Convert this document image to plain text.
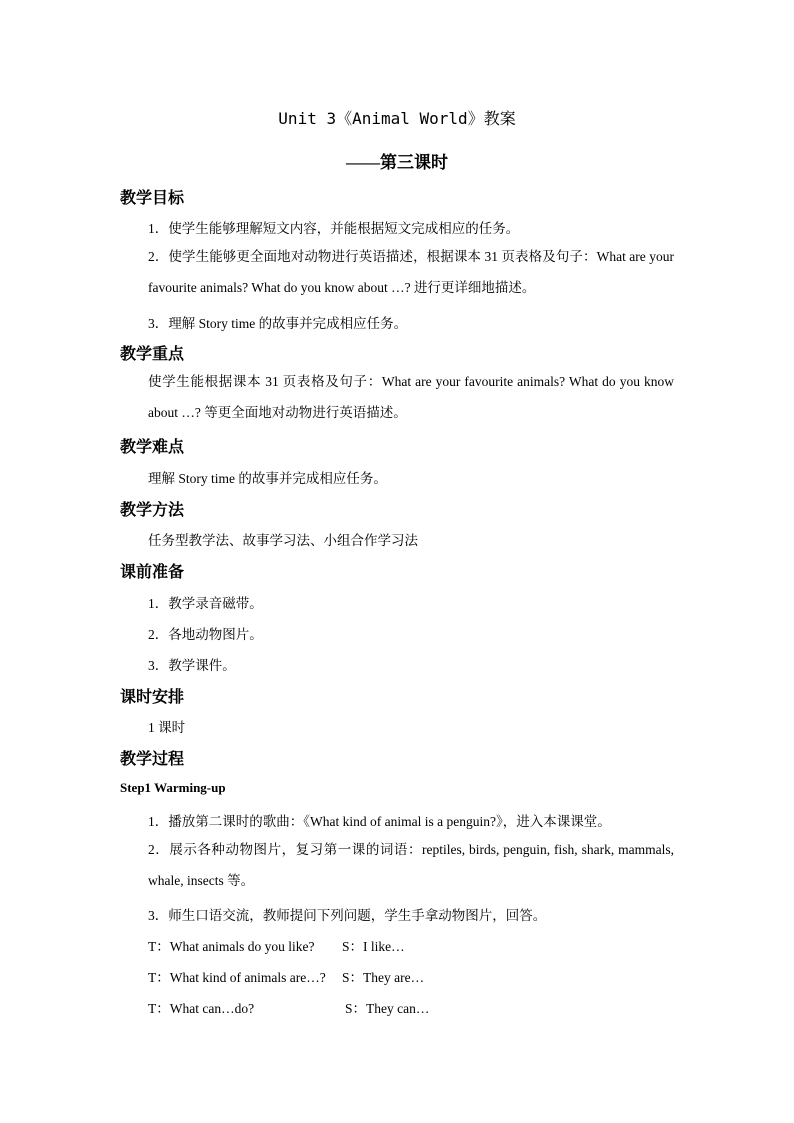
Unit 3《Animal World》教案
——第三课时
教学目标
1．使学生能够理解短文内容，并能根据短文完成相应的任务。
2．使学生能够更全面地对动物进行英语描述，根据课本 31 页表格及句子：What are your favourite animals? What do you know about …? 进行更详细地描述。
3．理解 Story time 的故事并完成相应任务。
教学重点
使学生能根据课本 31 页表格及句子：What are your favourite animals? What do you know about …? 等更全面地对动物进行英语描述。
教学难点
理解 Story time 的故事并完成相应任务。
教学方法
任务型教学法、故事学习法、小组合作学习法
课前准备
1．教学录音磁带。
2．各地动物图片。
3．教学课件。
课时安排
1 课时
教学过程
Step1 Warming-up
1．播放第二课时的歌曲：《What kind of animal is a penguin?》，进入本课课堂。
2．展示各种动物图片，复习第一课的词语：reptiles, birds, penguin, fish, shark, mammals, whale, insects 等。
3．师生口语交流，教师提问下列问题，学生手拿动物图片，回答。
T：What animals do you like? S：I like…
T：What kind of animals are…? S：They are…
T：What can…do?	S：They can…
